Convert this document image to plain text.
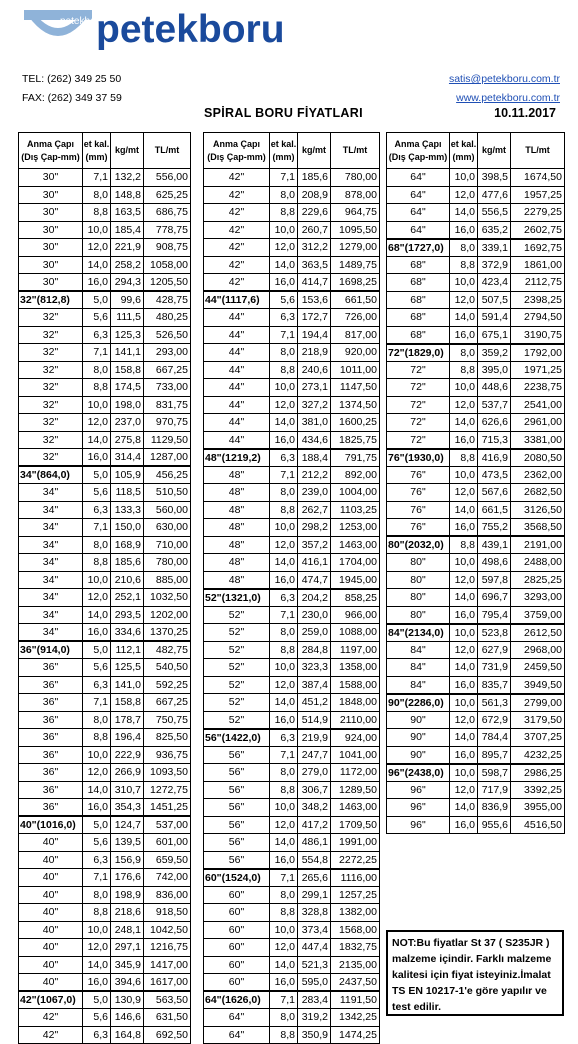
petekboru
petekboru
TEL: (262) 349 25 50
FAX: (262) 349 37 59
satis@petekboru.com.tr
www.petekboru.com.tr
SPİRAL BORU FİYATLARI	10.11.2017
Anma Çapı (Dış Çap-mm)	et kal. (mm)	kg/mt	TL/mt
30"	7,1	132,2	556,00
30"	8,0	148,8	625,25
30"	8,8	163,5	686,75
30"	10,0	185,4	778,75
30"	12,0	221,9	908,75
30"	14,0	258,2	1058,00
30"	16,0	294,3	1205,50
32"(812,8)	5,0	99,6	428,75
32"	5,6	111,5	480,25
32"	6,3	125,3	526,50
32"	7,1	141,1	293,00
32"	8,0	158,8	667,25
32"	8,8	174,5	733,00
32"	10,0	198,0	831,75
32"	12,0	237,0	970,75
32"	14,0	275,8	1129,50
32"	16,0	314,4	1287,00
34"(864,0)	5,0	105,9	456,25
34"	5,6	118,5	510,50
34"	6,3	133,3	560,00
34"	7,1	150,0	630,00
34"	8,0	168,9	710,00
34"	8,8	185,6	780,00
34"	10,0	210,6	885,00
34"	12,0	252,1	1032,50
34"	14,0	293,5	1202,00
34"	16,0	334,6	1370,25
36"(914,0)	5,0	112,1	482,75
36"	5,6	125,5	540,50
36"	6,3	141,0	592,25
36"	7,1	158,8	667,25
36"	8,0	178,7	750,75
36"	8,8	196,4	825,50
36"	10,0	222,9	936,75
36"	12,0	266,9	1093,50
36"	14,0	310,7	1272,75
36"	16,0	354,3	1451,25
40"(1016,0)	5,0	124,7	537,00
40"	5,6	139,5	601,00
40"	6,3	156,9	659,50
40"	7,1	176,6	742,00
40"	8,0	198,9	836,00
40"	8,8	218,6	918,50
40"	10,0	248,1	1042,50
40"	12,0	297,1	1216,75
40"	14,0	345,9	1417,00
40"	16,0	394,6	1617,00
42"(1067,0)	5,0	130,9	563,50
42"	5,6	146,6	631,50
42"	6,3	164,8	692,50
Anma Çapı (Dış Çap-mm)	et kal. (mm)	kg/mt	TL/mt
42"	7,1	185,6	780,00
42"	8,0	208,9	878,00
42"	8,8	229,6	964,75
42"	10,0	260,7	1095,50
42"	12,0	312,2	1279,00
42"	14,0	363,5	1489,75
42"	16,0	414,7	1698,25
44"(1117,6)	5,6	153,6	661,50
44"	6,3	172,7	726,00
44"	7,1	194,4	817,00
44"	8,0	218,9	920,00
44"	8,8	240,6	1011,00
44"	10,0	273,1	1147,50
44"	12,0	327,2	1374,50
44"	14,0	381,0	1600,25
44"	16,0	434,6	1825,75
48"(1219,2)	6,3	188,4	791,75
48"	7,1	212,2	892,00
48"	8,0	239,0	1004,00
48"	8,8	262,7	1103,25
48"	10,0	298,2	1253,00
48"	12,0	357,2	1463,00
48"	14,0	416,1	1704,00
48"	16,0	474,7	1945,00
52"(1321,0)	6,3	204,2	858,25
52"	7,1	230,0	966,00
52"	8,0	259,0	1088,00
52"	8,8	284,8	1197,00
52"	10,0	323,3	1358,00
52"	12,0	387,4	1588,00
52"	14,0	451,2	1848,00
52"	16,0	514,9	2110,00
56"(1422,0)	6,3	219,9	924,00
56"	7,1	247,7	1041,00
56"	8,0	279,0	1172,00
56"	8,8	306,7	1289,50
56"	10,0	348,2	1463,00
56"	12,0	417,2	1709,50
56"	14,0	486,1	1991,00
56"	16,0	554,8	2272,25
60"(1524,0)	7,1	265,6	1116,00
60"	8,0	299,1	1257,25
60"	8,8	328,8	1382,00
60"	10,0	373,4	1568,00
60"	12,0	447,4	1832,75
60"	14,0	521,3	2135,00
60"	16,0	595,0	2437,50
64"(1626,0)	7,1	283,4	1191,50
64"	8,0	319,2	1342,25
64"	8,8	350,9	1474,25
Anma Çapı (Dış Çap-mm)	et kal. (mm)	kg/mt	TL/mt
64"	10,0	398,5	1674,50
64"	12,0	477,6	1957,25
64"	14,0	556,5	2279,25
64"	16,0	635,2	2602,75
68"(1727,0)	8,0	339,1	1692,75
68"	8,8	372,9	1861,00
68"	10,0	423,4	2112,75
68"	12,0	507,5	2398,25
68"	14,0	591,4	2794,50
68"	16,0	675,1	3190,75
72"(1829,0)	8,0	359,2	1792,00
72"	8,8	395,0	1971,25
72"	10,0	448,6	2238,75
72"	12,0	537,7	2541,00
72"	14,0	626,6	2961,00
72"	16,0	715,3	3381,00
76"(1930,0)	8,8	416,9	2080,50
76"	10,0	473,5	2362,00
76"	12,0	567,6	2682,50
76"	14,0	661,5	3126,50
76"	16,0	755,2	3568,50
80"(2032,0)	8,8	439,1	2191,00
80"	10,0	498,6	2488,00
80"	12,0	597,8	2825,25
80"	14,0	696,7	3293,00
80"	16,0	795,4	3759,00
84"(2134,0)	10,0	523,8	2612,50
84"	12,0	627,9	2968,00
84"	14,0	731,9	2459,50
84"	16,0	835,7	3949,50
90"(2286,0)	10,0	561,3	2799,00
90"	12,0	672,9	3179,50
90"	14,0	784,4	3707,25
90"	16,0	895,7	4232,25
96"(2438,0)	10,0	598,7	2986,25
96"	12,0	717,9	3392,25
96"	14,0	836,9	3955,00
96"	16,0	955,6	4516,50
NOT:Bu fiyatlar St 37 ( S235JR ) malzeme içindir. Farklı malzeme kalitesi için fiyat isteyiniz.İmalat TS EN 10217-1'e göre yapılır ve test edilir.
